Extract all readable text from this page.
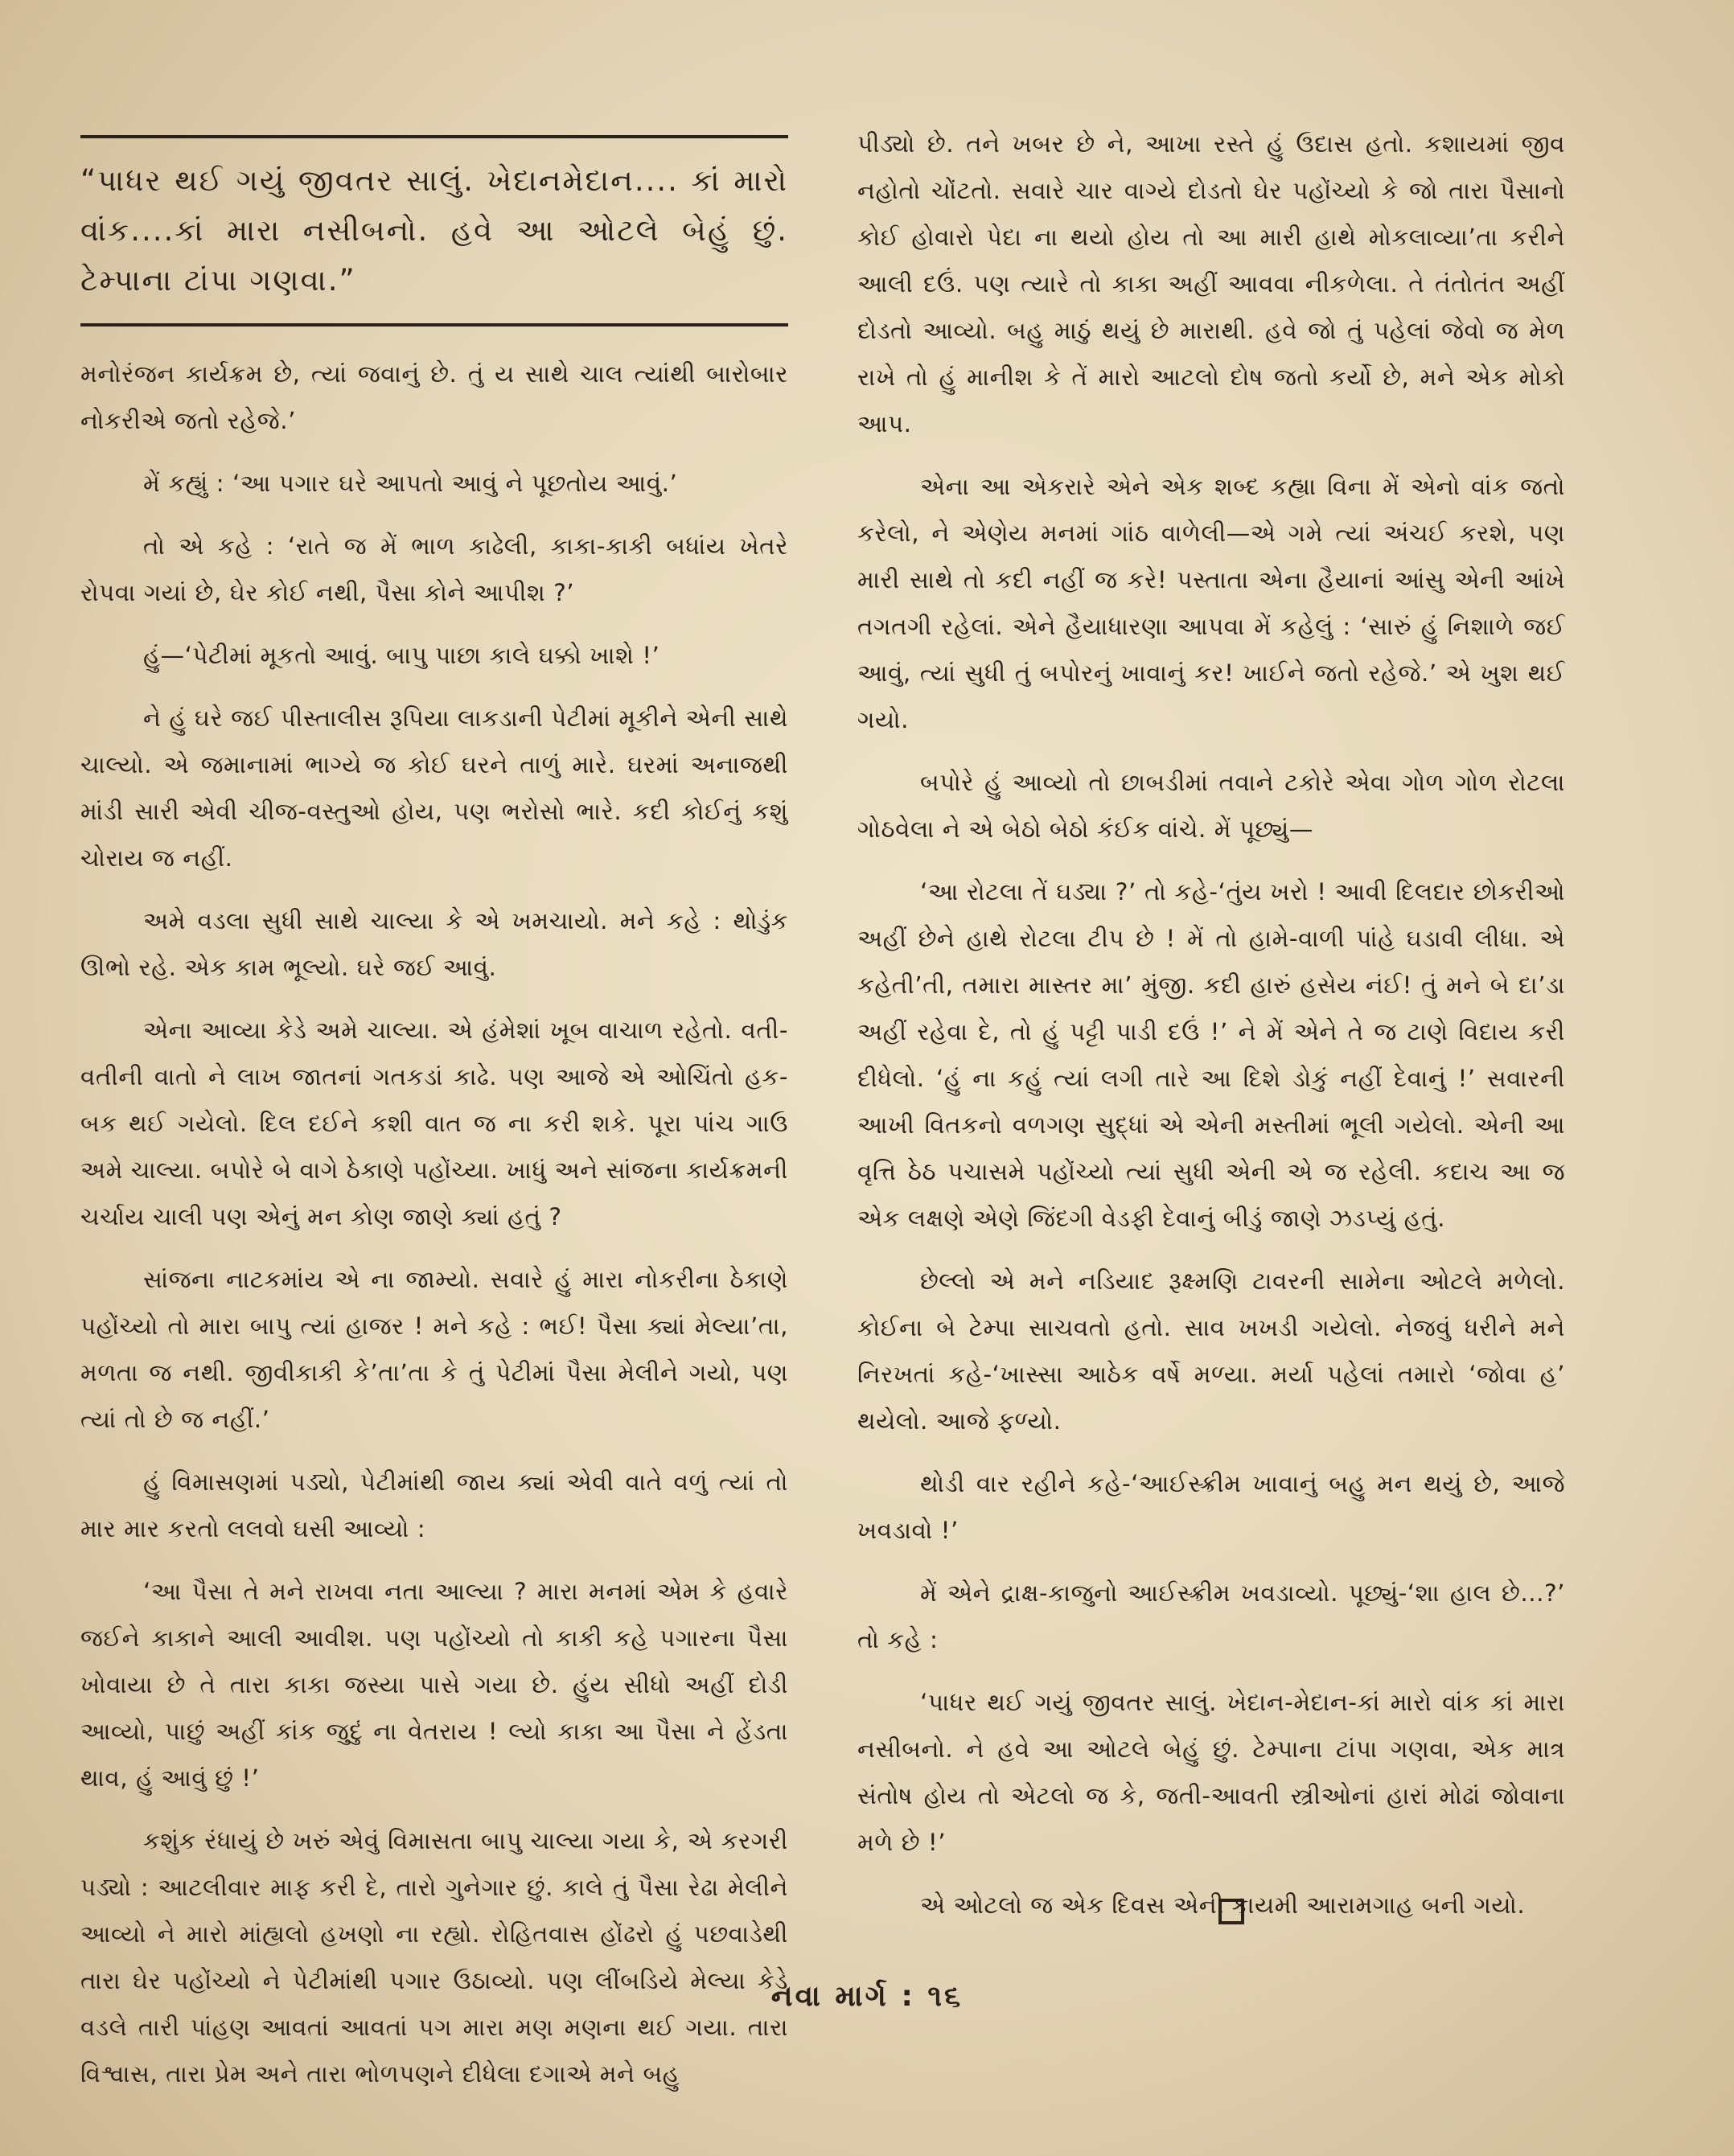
“પાધર થઈ ગયું જીવતર સાલું. ખેદાનમેદાન.... કાં મારો વાંક....કાં મારા નસીબનો. હવે આ ઓટલે બેહું છું. ટેમ્પાના ટાંપા ગણવા.”

મનોરંજન કાર્યક્રમ છે, ત્યાં જવાનું છે. તું ય સાથે ચાલ ત્યાંથી બારોબાર નોકરીએ જતો રહેજે.’

મેં કહ્યું : ‘આ પગાર ઘરે આપતો આવું ને પૂછતોય આવું.’

તો એ કહે : ‘રાતે જ મેં ભાળ કાઢેલી, કાકા-કાકી બધાંય ખેતરે રોપવા ગયાં છે, ઘેર કોઈ નથી, પૈસા કોને આપીશ ?’

હું—‘પેટીમાં મૂકતો આવું. બાપુ પાછા કાલે ઘક્કો ખાશે !’

ને હું ઘરે જઈ પીસ્તાલીસ રૂપિયા લાકડાની પેટીમાં મૂકીને એની સાથે ચાલ્યો. એ જમાનામાં ભાગ્યે જ કોઈ ઘરને તાળું મારે. ઘરમાં અનાજથી માંડી સારી એવી ચીજ-વસ્તુઓ હોય, પણ ભરોસો ભારે. કદી કોઈનું કશું ચોરાય જ નહીં.

અમે વડલા સુધી સાથે ચાલ્યા કે એ ખમચાયો. મને કહે : થોડુંક ઊભો રહે. એક કામ ભૂલ્યો. ઘરે જઈ આવું.

એના આવ્યા કેડે અમે ચાલ્યા. એ હંમેશાં ખૂબ વાચાળ રહેતો. વતી-વતીની વાતો ને લાખ જાતનાં ગતકડાં કાઢે. પણ આજે એ ઓચિંતો હક-બક થઈ ગયેલો. દિલ દઈને કશી વાત જ ના કરી શકે. પૂરા પાંચ ગાઉ અમે ચાલ્યા. બપોરે બે વાગે ઠેકાણે પહોંચ્યા. ખાધું અને સાંજના કાર્યક્રમની ચર્ચાય ચાલી પણ એનું મન કોણ જાણે ક્યાં હતું ?

સાંજના નાટકમાંય એ ના જામ્યો. સવારે હું મારા નોકરીના ઠેકાણે પહોંચ્યો તો મારા બાપુ ત્યાં હાજર ! મને કહે : ભઈ! પૈસા ક્યાં મેલ્યા’તા, મળતા જ નથી. જીવીકાકી કે’તા’તા કે તું પેટીમાં પૈસા મેલીને ગયો, પણ ત્યાં તો છે જ નહીં.’

હું વિમાસણમાં પડ્યો, પેટીમાંથી જાય ક્યાં એવી વાતે વળું ત્યાં તો માર માર કરતો લલવો ઘસી આવ્યો :

‘આ પૈસા તે મને રાખવા નતા આલ્યા ? મારા મનમાં એમ કે હવારે જઈને કાકાને આલી આવીશ. પણ પહોંચ્યો તો કાકી કહે પગારના પૈસા ખોવાયા છે તે તારા કાકા જસ્યા પાસે ગયા છે. હુંય સીધો અહીં દોડી આવ્યો, પાછું અહીં કાંક જુદું ના વેતરાય ! લ્યો કાકા આ પૈસા ને હેંડતા થાવ, હું આવું છું !’

કશુંક રંધાયું છે ખરું એવું વિમાસતા બાપુ ચાલ્યા ગયા કે, એ કરગરી પડ્યો : આટલીવાર માફ કરી દે, તારો ગુનેગાર છું. કાલે તું પૈસા રેઢા મેલીને આવ્યો ને મારો માંહ્યલો હખણો ના રહ્યો. રોહિતવાસ હોંઢરો હું પછવાડેથી તારા ઘેર પહોંચ્યો ને પેટીમાંથી પગાર ઉઠાવ્યો. પણ લીંબડિયે મેલ્યા કેડે વડલે તારી પાંહણ આવતાં આવતાં પગ મારા મણ મણના થઈ ગયા. તારા વિશ્વાસ, તારા પ્રેમ અને તારા ભોળપણને દીધેલા દગાએ મને બહુ

પીડ્યો છે. તને ખબર છે ને, આખા રસ્તે હું ઉદાસ હતો. કશાયમાં જીવ નહોતો ચોંટતો. સવારે ચાર વાગ્યે દોડતો ઘેર પહોંચ્યો કે જો તારા પૈસાનો કોઈ હોવારો પેદા ના થયો હોય તો આ મારી હાથે મોકલાવ્યા’તા કરીને આલી દઉં. પણ ત્યારે તો કાકા અહીં આવવા નીકળેલા. તે તંતોતંત અહીં દોડતો આવ્યો. બહુ માઠું થયું છે મારાથી. હવે જો તું પહેલાં જેવો જ મેળ રાખે તો હું માનીશ કે તેં મારો આટલો દોષ જતો કર્યો છે, મને એક મોકો આપ.

એના આ એકરારે એને એક શબ્દ કહ્યા વિના મેં એનો વાંક જતો કરેલો, ને એણેય મનમાં ગાંઠ વાળેલી—એ ગમે ત્યાં અંચઈ કરશે, પણ મારી સાથે તો કદી નહીં જ કરે! પસ્તાતા એના હૈયાનાં આંસુ એની આંખે તગતગી રહેલાં. એને હૈયાધારણા આપવા મેં કહેલું : ‘સારું હું નિશાળે જઈ આવું, ત્યાં સુધી તું બપોરનું ખાવાનું કર! ખાઈને જતો રહેજે.’ એ ખુશ થઈ ગયો.

બપોરે હું આવ્યો તો છાબડીમાં તવાને ટકોરે એવા ગોળ ગોળ રોટલા ગોઠવેલા ને એ બેઠો બેઠો કંઈક વાંચે. મેં પૂછ્યું—

‘આ રોટલા તેં ઘડ્યા ?’ તો કહે-‘તુંય ખરો ! આવી દિલદાર છોકરીઓ અહીં છેને હાથે રોટલા ટીપ છે ! મેં તો હામે-વાળી પાંહે ઘડાવી લીધા. એ કહેતી’તી, તમારા માસ્તર મા’ મુંજી. કદી હારું હસેય નંઈ! તું મને બે દા’ડા અહીં રહેવા દે, તો હું પટ્ટી પાડી દઉં !’ ને મેં એને તે જ ટાણે વિદાય કરી દીધેલો. ‘હું ના કહું ત્યાં લગી તારે આ દિશે ડોકું નહીં દેવાનું !’ સવારની આખી વિતકનો વળગણ સુદ્ધાં એ એની મસ્તીમાં ભૂલી ગયેલો. એની આ વૃત્તિ ઠેઠ પચાસમે પહોંચ્યો ત્યાં સુધી એની એ જ રહેલી. કદાચ આ જ એક લક્ષણે એણે જિંદગી વેડફી દેવાનું બીડું જાણે ઝડપ્યું હતું.

છેલ્લો એ મને નડિયાદ રૂક્ષ્મણિ ટાવરની સામેના ઓટલે મળેલો. કોઈના બે ટેમ્પા સાચવતો હતો. સાવ ખખડી ગયેલો. નેજવું ધરીને મને નિરખતાં કહે-‘ખાસ્સા આઠેક વર્ષે મળ્યા. મર્યા પહેલાં તમારો ‘જોવા હ’ થયેલો. આજે ફળ્યો.

થોડી વાર રહીને કહે-‘આઈસ્ક્રીમ ખાવાનું બહુ મન થયું છે, આજે ખવડાવો !’

મેં એને દ્રાક્ષ-કાજુનો આઈસ્ક્રીમ ખવડાવ્યો. પૂછ્યું-‘શા હાલ છે...?’ તો કહે :

‘પાધર થઈ ગયું જીવતર સાલું. ખેદાન-મેદાન-કાં મારો વાંક કાં મારા નસીબનો. ને હવે આ ઓટલે બેહું છું. ટેમ્પાના ટાંપા ગણવા, એક માત્ર સંતોષ હોય તો એટલો જ કે, જતી-આવતી સ્ત્રીઓનાં હારાં મોઢાં જોવાના મળે છે !’

એ ઓટલો જ એક દિવસ એની કાયમી આરામગાહ બની ગયો.

નવા માર્ગ : ૧૬
